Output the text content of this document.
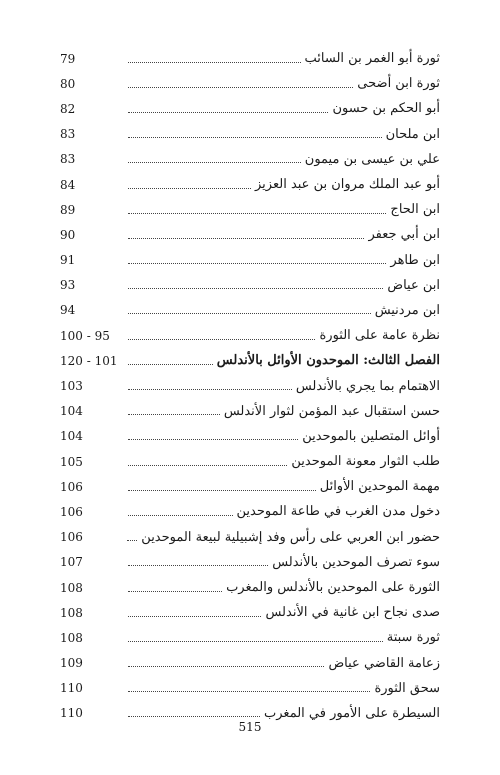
79	ثورة أبو الغمر بن السائب
80	ثورة ابن أضحى
82	أبو الحكم بن حسون
83	ابن ملحان
83	علي بن عيسى بن ميمون
84	أبو عبد الملك مروان بن عبد العزيز
89	ابن الحاج
90	ابن أبي جعفر
91	ابن طاهر
93	ابن عياض
94	ابن مردنيش
100 - 95	نظرة عامة على الثورة
120 - 101	الفصل الثالث: الموحدون الأوائل بالأندلس
103	الاهتمام بما يجري بالأندلس
104	حسن استقبال عبد المؤمن لثوار الأندلس
104	أوائل المتصلين بالموحدين
105	طلب الثوار معونة الموحدين
106	مهمة الموحدين الأوائل
106	دخول مدن الغرب في طاعة الموحدين
106	حضور ابن العربي على رأس وفد إشبيلية لبيعة الموحدين
107	سوء تصرف الموحدين بالأندلس
108	الثورة على الموحدين بالأندلس والمغرب
108	صدى نجاح ابن غانية في الأندلس
108	ثورة سبتة
109	زعامة القاضي عياض
110	سحق الثورة
110	السيطرة على الأمور في المغرب
515
